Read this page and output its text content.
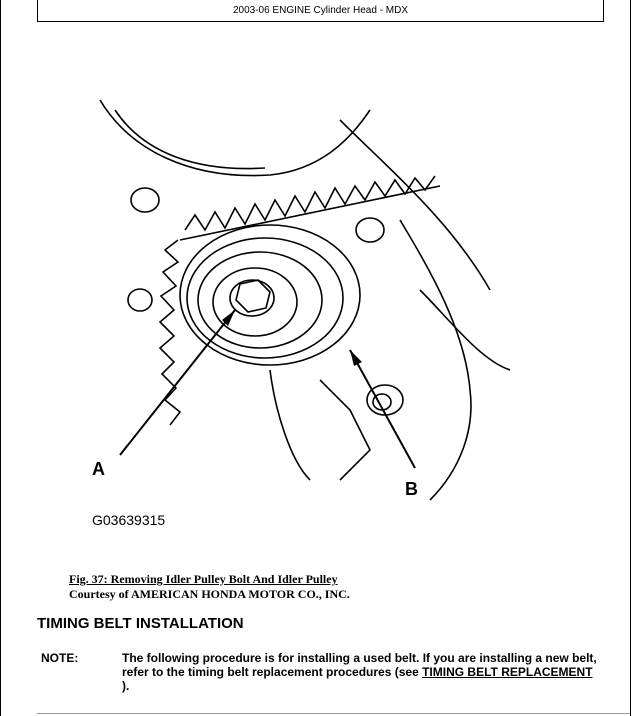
2003-06 ENGINE Cylinder Head - MDX
A
B
G03639315
Fig. 37: Removing Idler Pulley Bolt And Idler Pulley
Courtesy of AMERICAN HONDA MOTOR CO., INC.
TIMING BELT INSTALLATION
NOTE:	The following procedure is for installing a used belt. If you are installing a new belt, refer to the timing belt replacement procedures (see TIMING BELT REPLACEMENT ).
